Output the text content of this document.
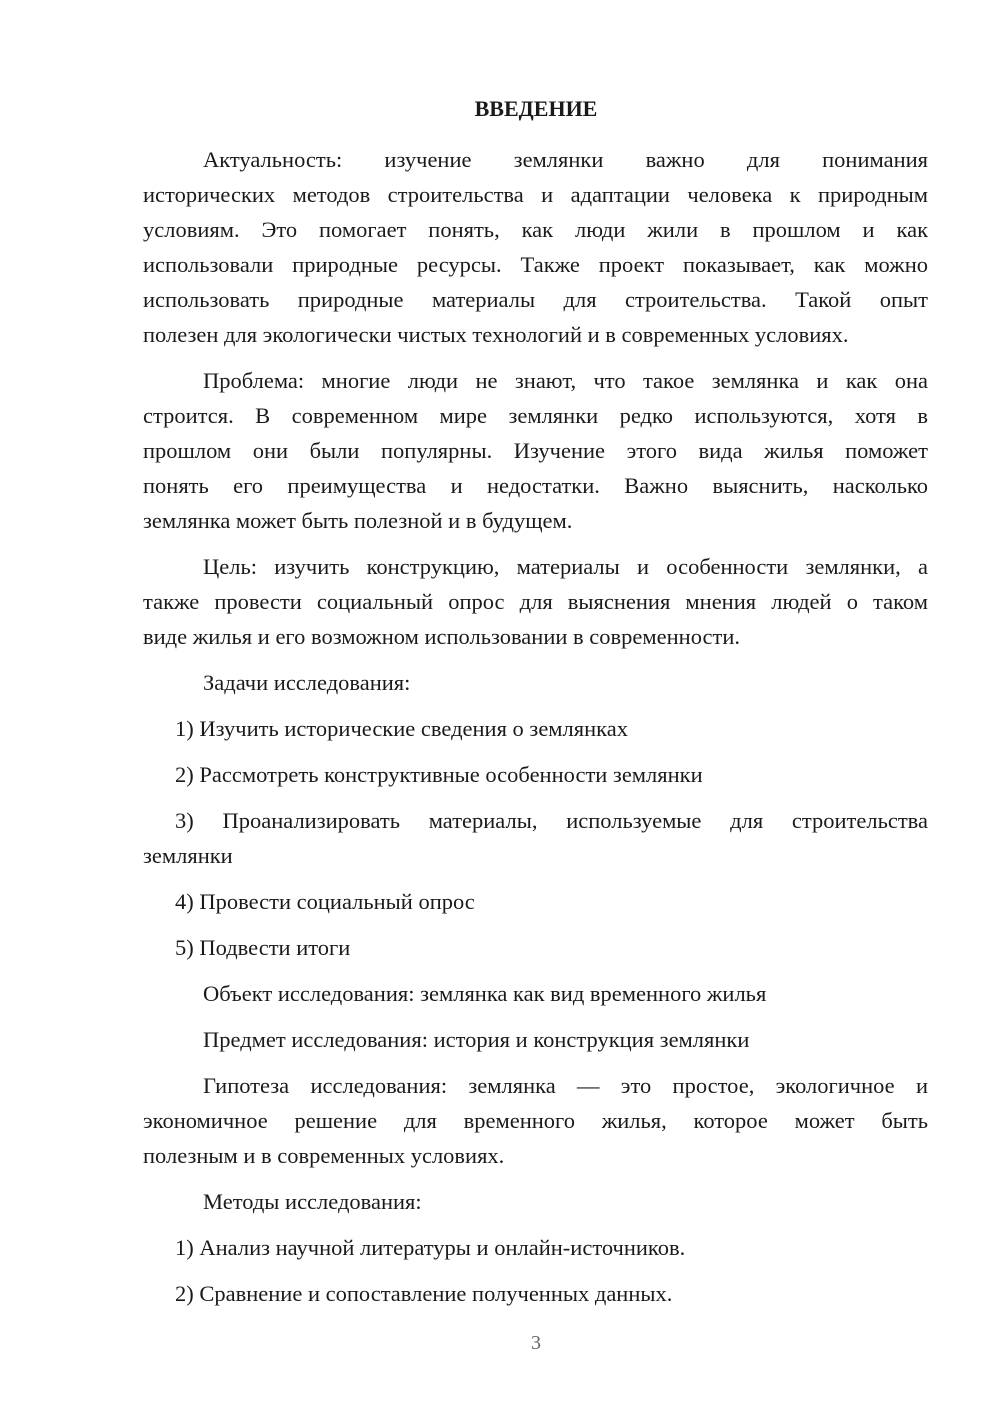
ВВЕДЕНИЕ
Актуальность: изучение землянки важно для понимания
исторических методов строительства и адаптации человека к природным
условиям. Это помогает понять, как люди жили в прошлом и как
использовали природные ресурсы. Также проект показывает, как можно
использовать природные материалы для строительства. Такой опыт
полезен для экологически чистых технологий и в современных условиях.
Проблема: многие люди не знают, что такое землянка и как она
строится. В современном мире землянки редко используются, хотя в
прошлом они были популярны. Изучение этого вида жилья поможет
понять его преимущества и недостатки. Важно выяснить, насколько
землянка может быть полезной и в будущем.
Цель: изучить конструкцию, материалы и особенности землянки, а
также провести социальный опрос для выяснения мнения людей о таком
виде жилья и его возможном использовании в современности.
Задачи исследования:
1) Изучить исторические сведения о землянках
2) Рассмотреть конструктивные особенности землянки
3) Проанализировать материалы, используемые для строительства
землянки
4) Провести социальный опрос
5) Подвести итоги
Объект исследования: землянка как вид временного жилья
Предмет исследования: история и конструкция землянки
Гипотеза исследования: землянка — это простое, экологичное и
экономичное решение для временного жилья, которое может быть
полезным и в современных условиях.
Методы исследования:
1) Анализ научной литературы и онлайн-источников.
2) Сравнение и сопоставление полученных данных.
3
